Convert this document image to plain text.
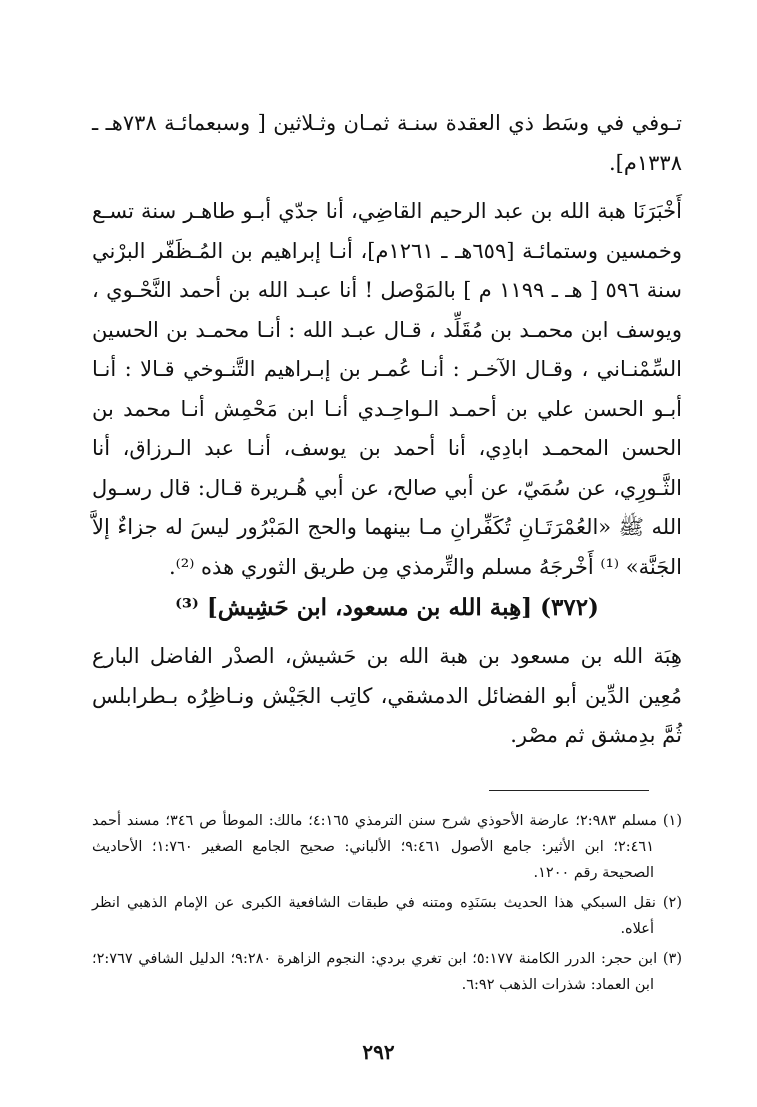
تـوفي في وسَط ذي العقدة سنـة ثمـان وثـلاثين [ وسبعمائـة ٧٣٨هـ ـ ١٣٣٨م].

أَخْبَرَنَا هبة الله بن عبد الرحيم القاضِي، أنا جدّي أبـو طاهـر سنة تسـع وخمسين وستمائـة [٦٥٩هـ ـ ١٢٦١م]، أنـا إبراهيم بن المُـظَفّر البرْني سنة ٥٩٦ [ هـ ـ ١١٩٩ م ] بالمَوْصل ! أنا عبـد الله بن أحمد النَّحْـوي ، ويوسف ابن محمـد بن مُقَلِّد ، قـال عبـد الله : أنـا محمـد بن الحسين السِّمْنـاني ، وقـال الآخـر : أنـا عُمـر بن إبـراهيم التَّنـوخي قـالا : أنـا أبـو الحسن علي بن أحمـد الـواحِـدي أنـا ابن مَحْمِش أنـا محمد بن الحسن المحمـد ابادِي، أنا أحمد بن يوسف، أنـا عبد الـرزاق، أنا الثَّـورِي، عن سُمَيّ، عن أبي صالح، عن أبي هُـريرة قـال: قال رسـول الله ﷺ «العُمْرَتَـانِ تُكَفِّرانِ مـا بينهما والحج المَبْرُور ليسَ له جزاءٌ إلاَّ الجَنَّة» ⁽¹⁾ أَخْرجَهُ مسلم والتِّرمذي مِن طريق الثوري هذه ⁽²⁾.

(٣٧٢) [هِبة الله بن مسعود، ابن حَشِيش] ⁽³⁾

هِبَة الله بن مسعود بن هبة الله بن حَشيش، الصدْر الفاضل البارع مُعِين الدِّين أبو الفضائل الدمشقي، كاتِب الجَيْش ونـاظِرُه بـطرابلس ثُمَّ بدِمشق ثم مصْر.

(١) مسلم ٢:٩٨٣؛ عارضة الأحوذي شرح سنن الترمذي ٤:١٦٥؛ مالك: الموطأ ص ٣٤٦؛ مسند أحمد ٢:٤٦١؛ ابن الأثير: جامع الأصول ٩:٤٦١؛ الألباني: صحيح الجامع الصغير ١:٧٦٠؛ الأحاديث الصحيحة رقم ١٢٠٠.

(٢) نقل السبكي هذا الحديث بسَنَدِه ومتنه في طبقات الشافعية الكبرى عن الإمام الذهبي انظر أعلاه.

(٣) ابن حجر: الدرر الكامنة ٥:١٧٧؛ ابن تغري بردي: النجوم الزاهرة ٩:٢٨٠؛ الدليل الشافي ٢:٧٦٧؛ ابن العماد: شذرات الذهب ٦:٩٢.

٢٩٢
